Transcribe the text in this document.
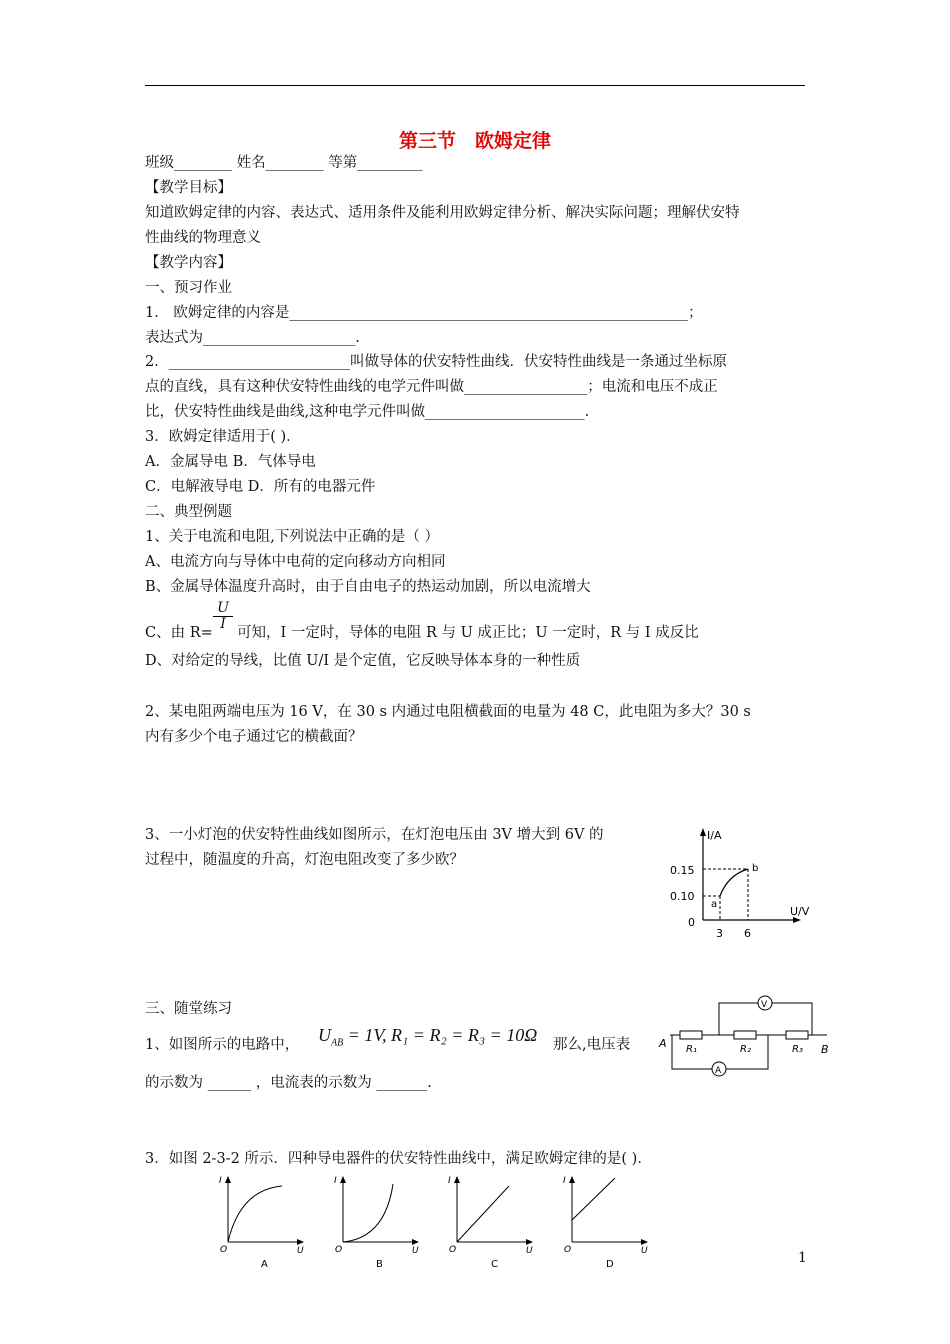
第三节　欧姆定律
班级________ 姓名________ 等第_________
【教学目标】
知道欧姆定律的内容、表达式、适用条件及能利用欧姆定律分析、解决实际问题；理解伏安特
性曲线的物理意义
【教学内容】
一、预习作业
1． 欧姆定律的内容是_______________________________________________________；
表达式为_____________________.
2．_________________________叫做导体的伏安特性曲线．伏安特性曲线是一条通过坐标原
点的直线，具有这种伏安特性曲线的电学元件叫做_________________；电流和电压不成正
比，伏安特性曲线是曲线,这种电学元件叫做______________________.
3．欧姆定律适用于( )．
A．金属导电 B．气体导电
C．电解液导电 D．所有的电器元件
二、典型例题
1、关于电流和电阻,下列说法中正确的是（ ）
A、电流方向与导体中电荷的定向移动方向相同
B、金属导体温度升高时，由于自由电子的热运动加剧，所以电流增大
C、由 R=
$\frac{U}{I}$
可知，I 一定时，导体的电阻 R 与 U 成正比；U 一定时，R 与 I 成反比
D、对给定的导线，比值 U/I 是个定值，它反映导体本身的一种性质
2、某电阻两端电压为 16 V，在 30 s 内通过电阻横截面的电量为 48 C，此电阻为多大？30 s
内有多少个电子通过它的横截面？
3、一小灯泡的伏安特性曲线如图所示，在灯泡电压由 3V 增大到 6V 的
过程中，随温度的升高，灯泡电阻改变了多少欧？
I/A
U/V
0.15
0.10
0
3 6
a
b
三、随堂练习
1、如图所示的电路中， $U_{AB} = 1V$, R₁ = R₂ = R₃ = 10Ω 那么,电压表
的示数为 ______ ，电流表的示数为 _______.
V
A
A	B
R₁	R₂	R₃
3．如图 2-3-2 所示．四种导电器件的伏安特性曲线中，满足欧姆定律的是( )．
I
U
O
A
I
U
O
B
I
U
O
C
I
U
O
D	1
